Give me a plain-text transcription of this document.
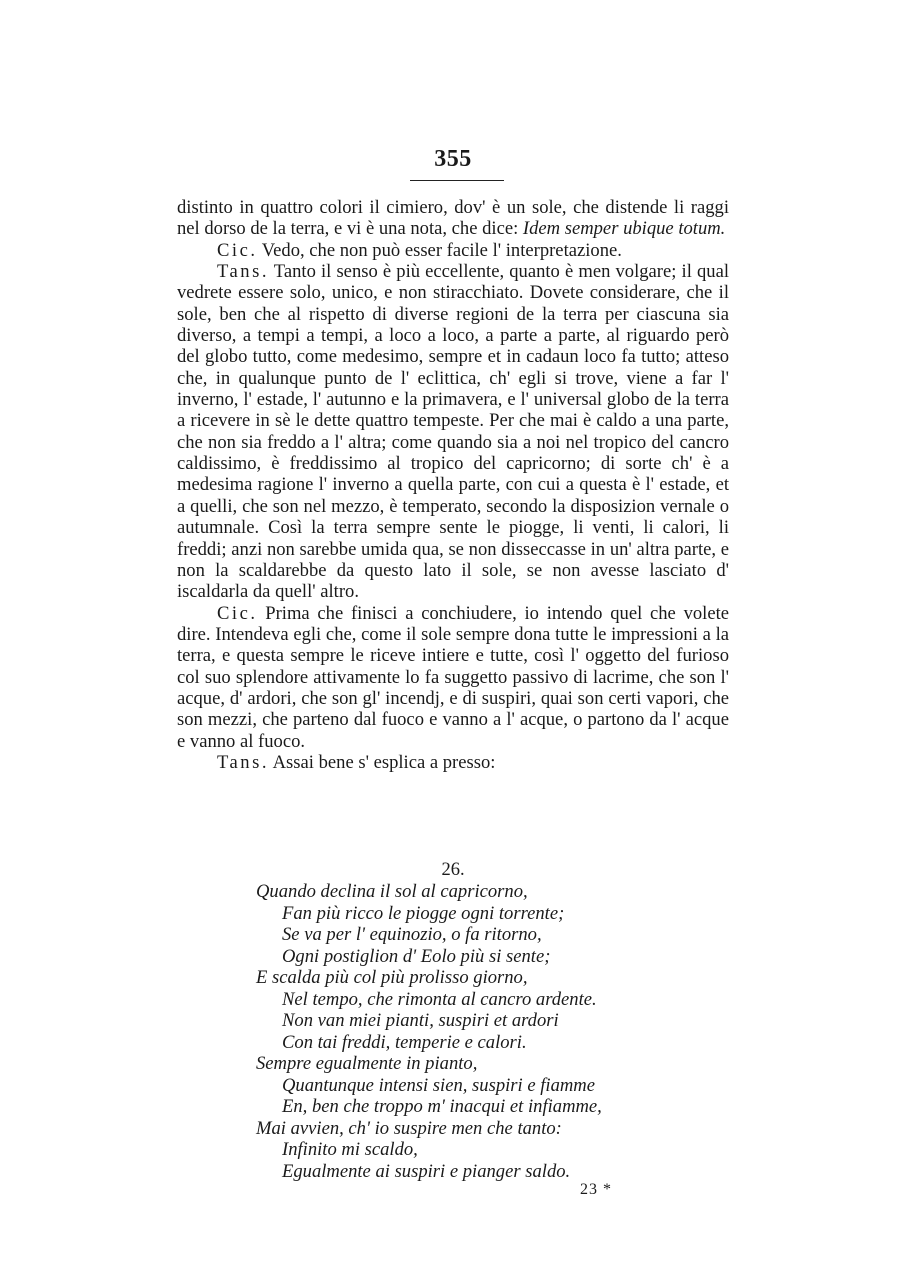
355

distinto in quattro colori il cimiero, dov' è un sole, che distende li raggi nel dorso de la terra, e vi è una nota, che dice: Idem semper ubique totum.

Cic. Vedo, che non può esser facile l' interpretazione.

Tans. Tanto il senso è più eccellente, quanto è men volgare; il qual vedrete essere solo, unico, e non stiracchiato. Dovete considerare, che il sole, ben che al rispetto di diverse regioni de la terra per ciascuna sia diverso, a tempi a tempi, a loco a loco, a parte a parte, al riguardo però del globo tutto, come medesimo, sempre et in cadaun loco fa tutto; atteso che, in qualunque punto de l' eclittica, ch' egli si trove, viene a far l' inverno, l' estade, l' autunno e la primavera, e l' universal globo de la terra a ricevere in sè le dette quattro tempeste. Per che mai è caldo a una parte, che non sia freddo a l' altra; come quando sia a noi nel tropico del cancro caldissimo, è freddissimo al tropico del capricorno; di sorte ch' è a medesima ragione l' inverno a quella parte, con cui a questa è l' estade, et a quelli, che son nel mezzo, è temperato, secondo la disposizion vernale o autumnale. Così la terra sempre sente le piogge, li venti, li calori, li freddi; anzi non sarebbe umida qua, se non disseccasse in un' altra parte, e non la scaldarebbe da questo lato il sole, se non avesse lasciato d' iscaldarla da quell' altro.

Cic. Prima che finisci a conchiudere, io intendo quel che volete dire. Intendeva egli che, come il sole sempre dona tutte le impressioni a la terra, e questa sempre le riceve intiere e tutte, così l' oggetto del furioso col suo splendore attivamente lo fa suggetto passivo di lacrime, che son l' acque, d' ardori, che son gl' incendj, e di suspiri, quai son certi vapori, che son mezzi, che parteno dal fuoco e vanno a l' acque, o partono da l' acque e vanno al fuoco.

Tans. Assai bene s' esplica a presso:

26.
Quando declina il sol al capricorno,
Fan più ricco le piogge ogni torrente;
Se va per l' equinozio, o fa ritorno,
Ogni postiglion d' Eolo più si sente;
E scalda più col più prolisso giorno,
Nel tempo, che rimonta al cancro ardente.
Non van miei pianti, suspiri et ardori
Con tai freddi, temperie e calori.
Sempre egualmente in pianto,
Quantunque intensi sien, suspiri e fiamme
En, ben che troppo m' inacqui et infiamme,
Mai avvien, ch' io suspire men che tanto:
Infinito mi scaldo,
Egualmente ai suspiri e pianger saldo.
23 *
